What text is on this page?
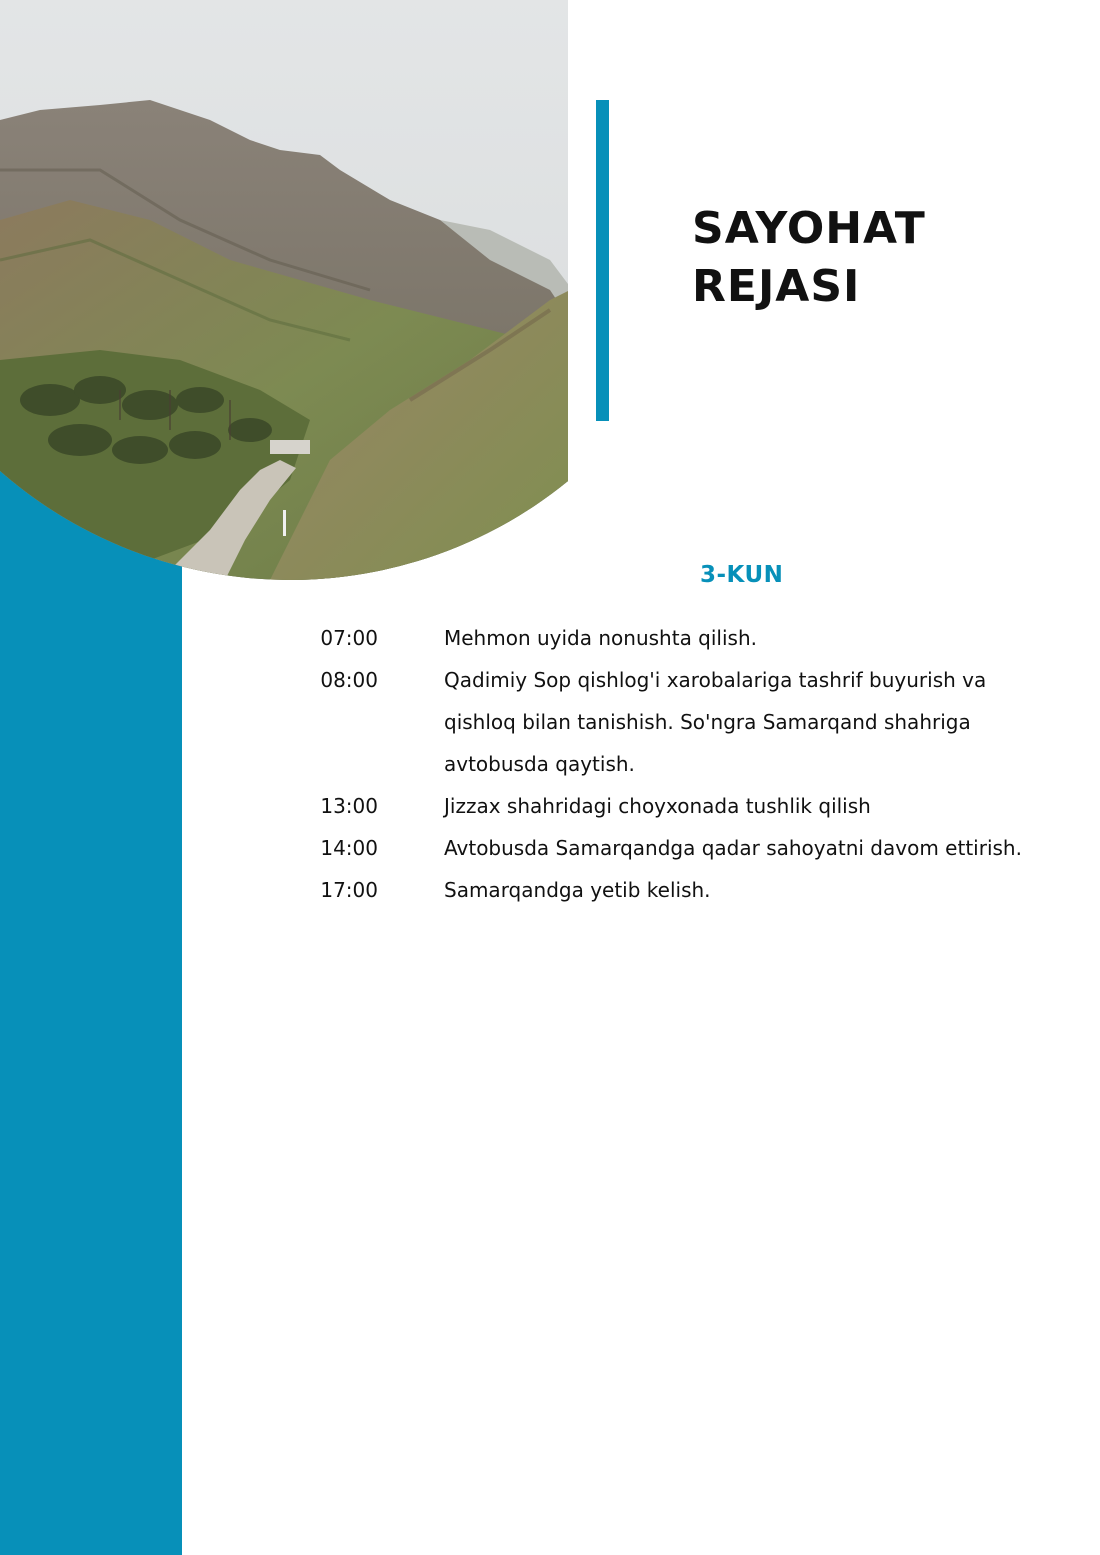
SAYOHAT
REJASI
3-KUN
07:00	Mehmon uyida nonushta qilish.
08:00	Qadimiy Sop qishlog'i xarobalariga tashrif buyurish va qishloq bilan tanishish. So'ngra Samarqand shahriga avtobusda qaytish.
13:00	Jizzax shahridagi choyxonada tushlik qilish
14:00	Avtobusda Samarqandga qadar sahoyatni davom ettirish.
17:00	Samarqandga yetib kelish.
